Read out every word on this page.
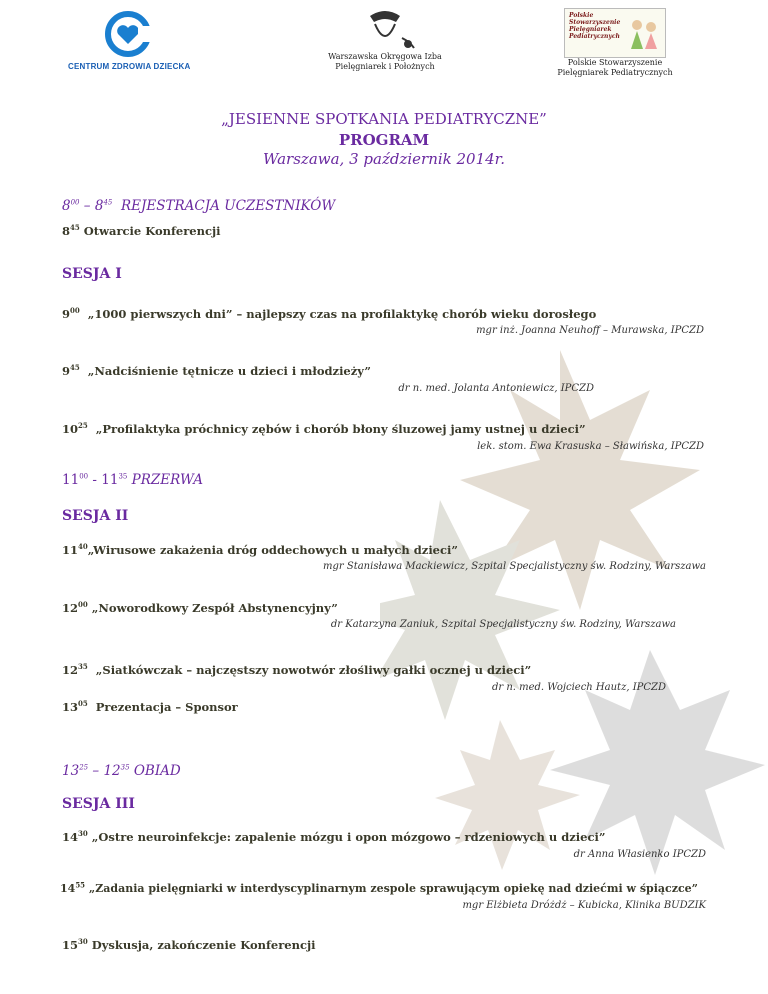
CENTRUM ZDROWIA DZIECKA
Warszawska Okręgowa Izba
Pielęgniarek i Położnych
Polskie
Stowarzyszenie
Pielęgniarek
Pediatrycznych
Polskie Stowarzyszenie
Pielęgniarek Pediatrycznych
„JESIENNE SPOTKANIA PEDIATRYCZNE”
PROGRAM
Warszawa, 3 październik 2014r.
$8^{00} - 8^{45}$ REJESTRACJA UCZESTNIKÓW
$8^{45}$ Otwarcie Konferencji
SESJA I
$9^{00}$ „1000 pierwszych dni” – najlepszy czas na profilaktykę chorób wieku dorosłego
mgr inż. Joanna Neuhoff – Murawska, IPCZD
$9^{45}$ „Nadciśnienie tętnicze u dzieci i młodzieży”
dr n. med. Jolanta Antoniewicz, IPCZD
$10^{25}$ „Profilaktyka próchnicy zębów i chorób błony śluzowej jamy ustnej u dzieci”
lek. stom. Ewa Krasuska – Sławińska, IPCZD
$11^{00} - 11^{35}$ PRZERWA
SESJA II
$11^{40}„Wirusowe$ zakażenia dróg oddechowych u małych dzieci”
mgr Stanisława Mackiewicz, Szpital Specjalistyczny św. Rodziny, Warszawa
$12^{00}$ „Noworodkowy Zespół Abstynencyjny”
dr Katarzyna Zaniuk, Szpital Specjalistyczny św. Rodziny, Warszawa
$12^{35}$ „Siatkówczak – najczęstszy nowotwór złośliwy gałki ocznej u dzieci”
dr n. med. Wojciech Hautz, IPCZD
$13^{05}$ Prezentacja – Sponsor
$13^{25} - 12^{35}$ OBIAD
SESJA III
$14^{30}$ „Ostre neuroinfekcje: zapalenie mózgu i opon mózgowo – rdzeniowych u dzieci”
dr Anna Własienko IPCZD
$14^{55}$ „Zadania pielęgniarki w interdyscyplinarnym zespole sprawującym opiekę nad dziećmi w śpiączce”
mgr Elżbieta Dróżdż – Kubicka, Klinika BUDZIK
$15^{30}$ Dyskusja, zakończenie Konferencji
